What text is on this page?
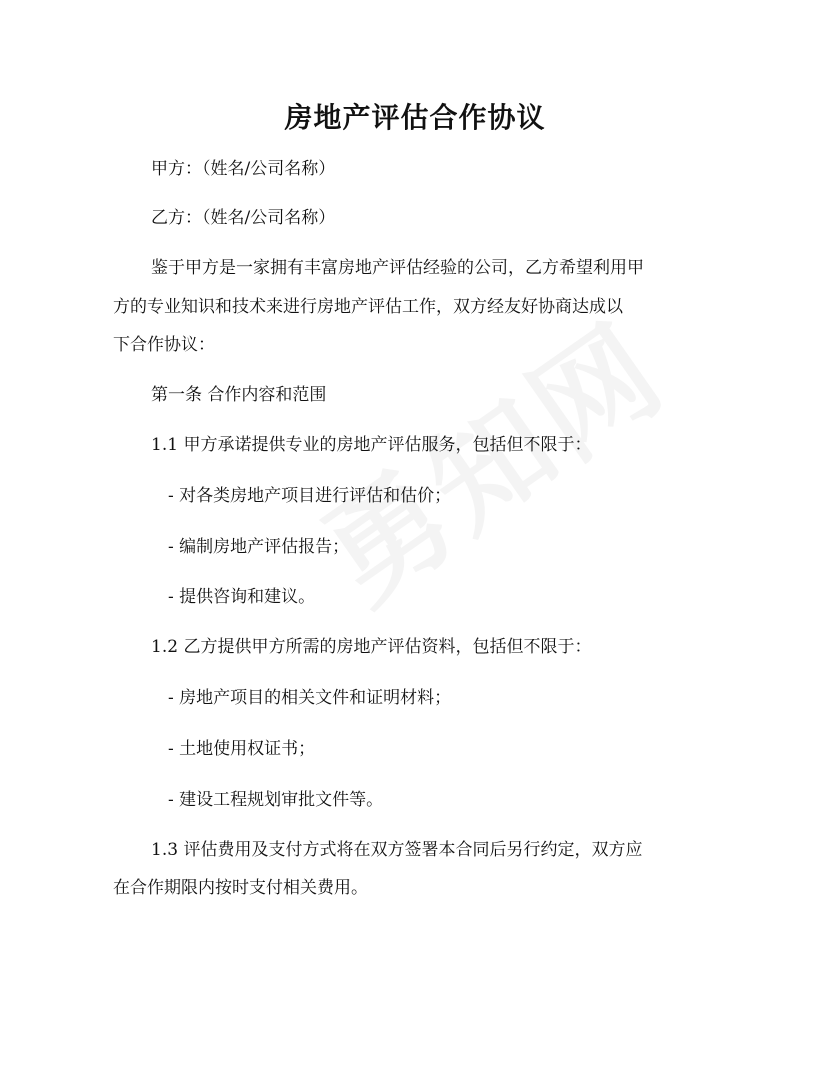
房地产评估合作协议

甲方：（姓名/公司名称）

乙方：（姓名/公司名称）

鉴于甲方是一家拥有丰富房地产评估经验的公司，乙方希望利用甲

方的专业知识和技术来进行房地产评估工作，双方经友好协商达成以

下合作协议：

第一条 合作内容和范围

1.1 甲方承诺提供专业的房地产评估服务，包括但不限于：

- 对各类房地产项目进行评估和估价；

- 编制房地产评估报告；

- 提供咨询和建议。

1.2 乙方提供甲方所需的房地产评估资料，包括但不限于：

- 房地产项目的相关文件和证明材料；

- 土地使用权证书；

- 建设工程规划审批文件等。

1.3 评估费用及支付方式将在双方签署本合同后另行约定，双方应

在合作期限内按时支付相关费用。
